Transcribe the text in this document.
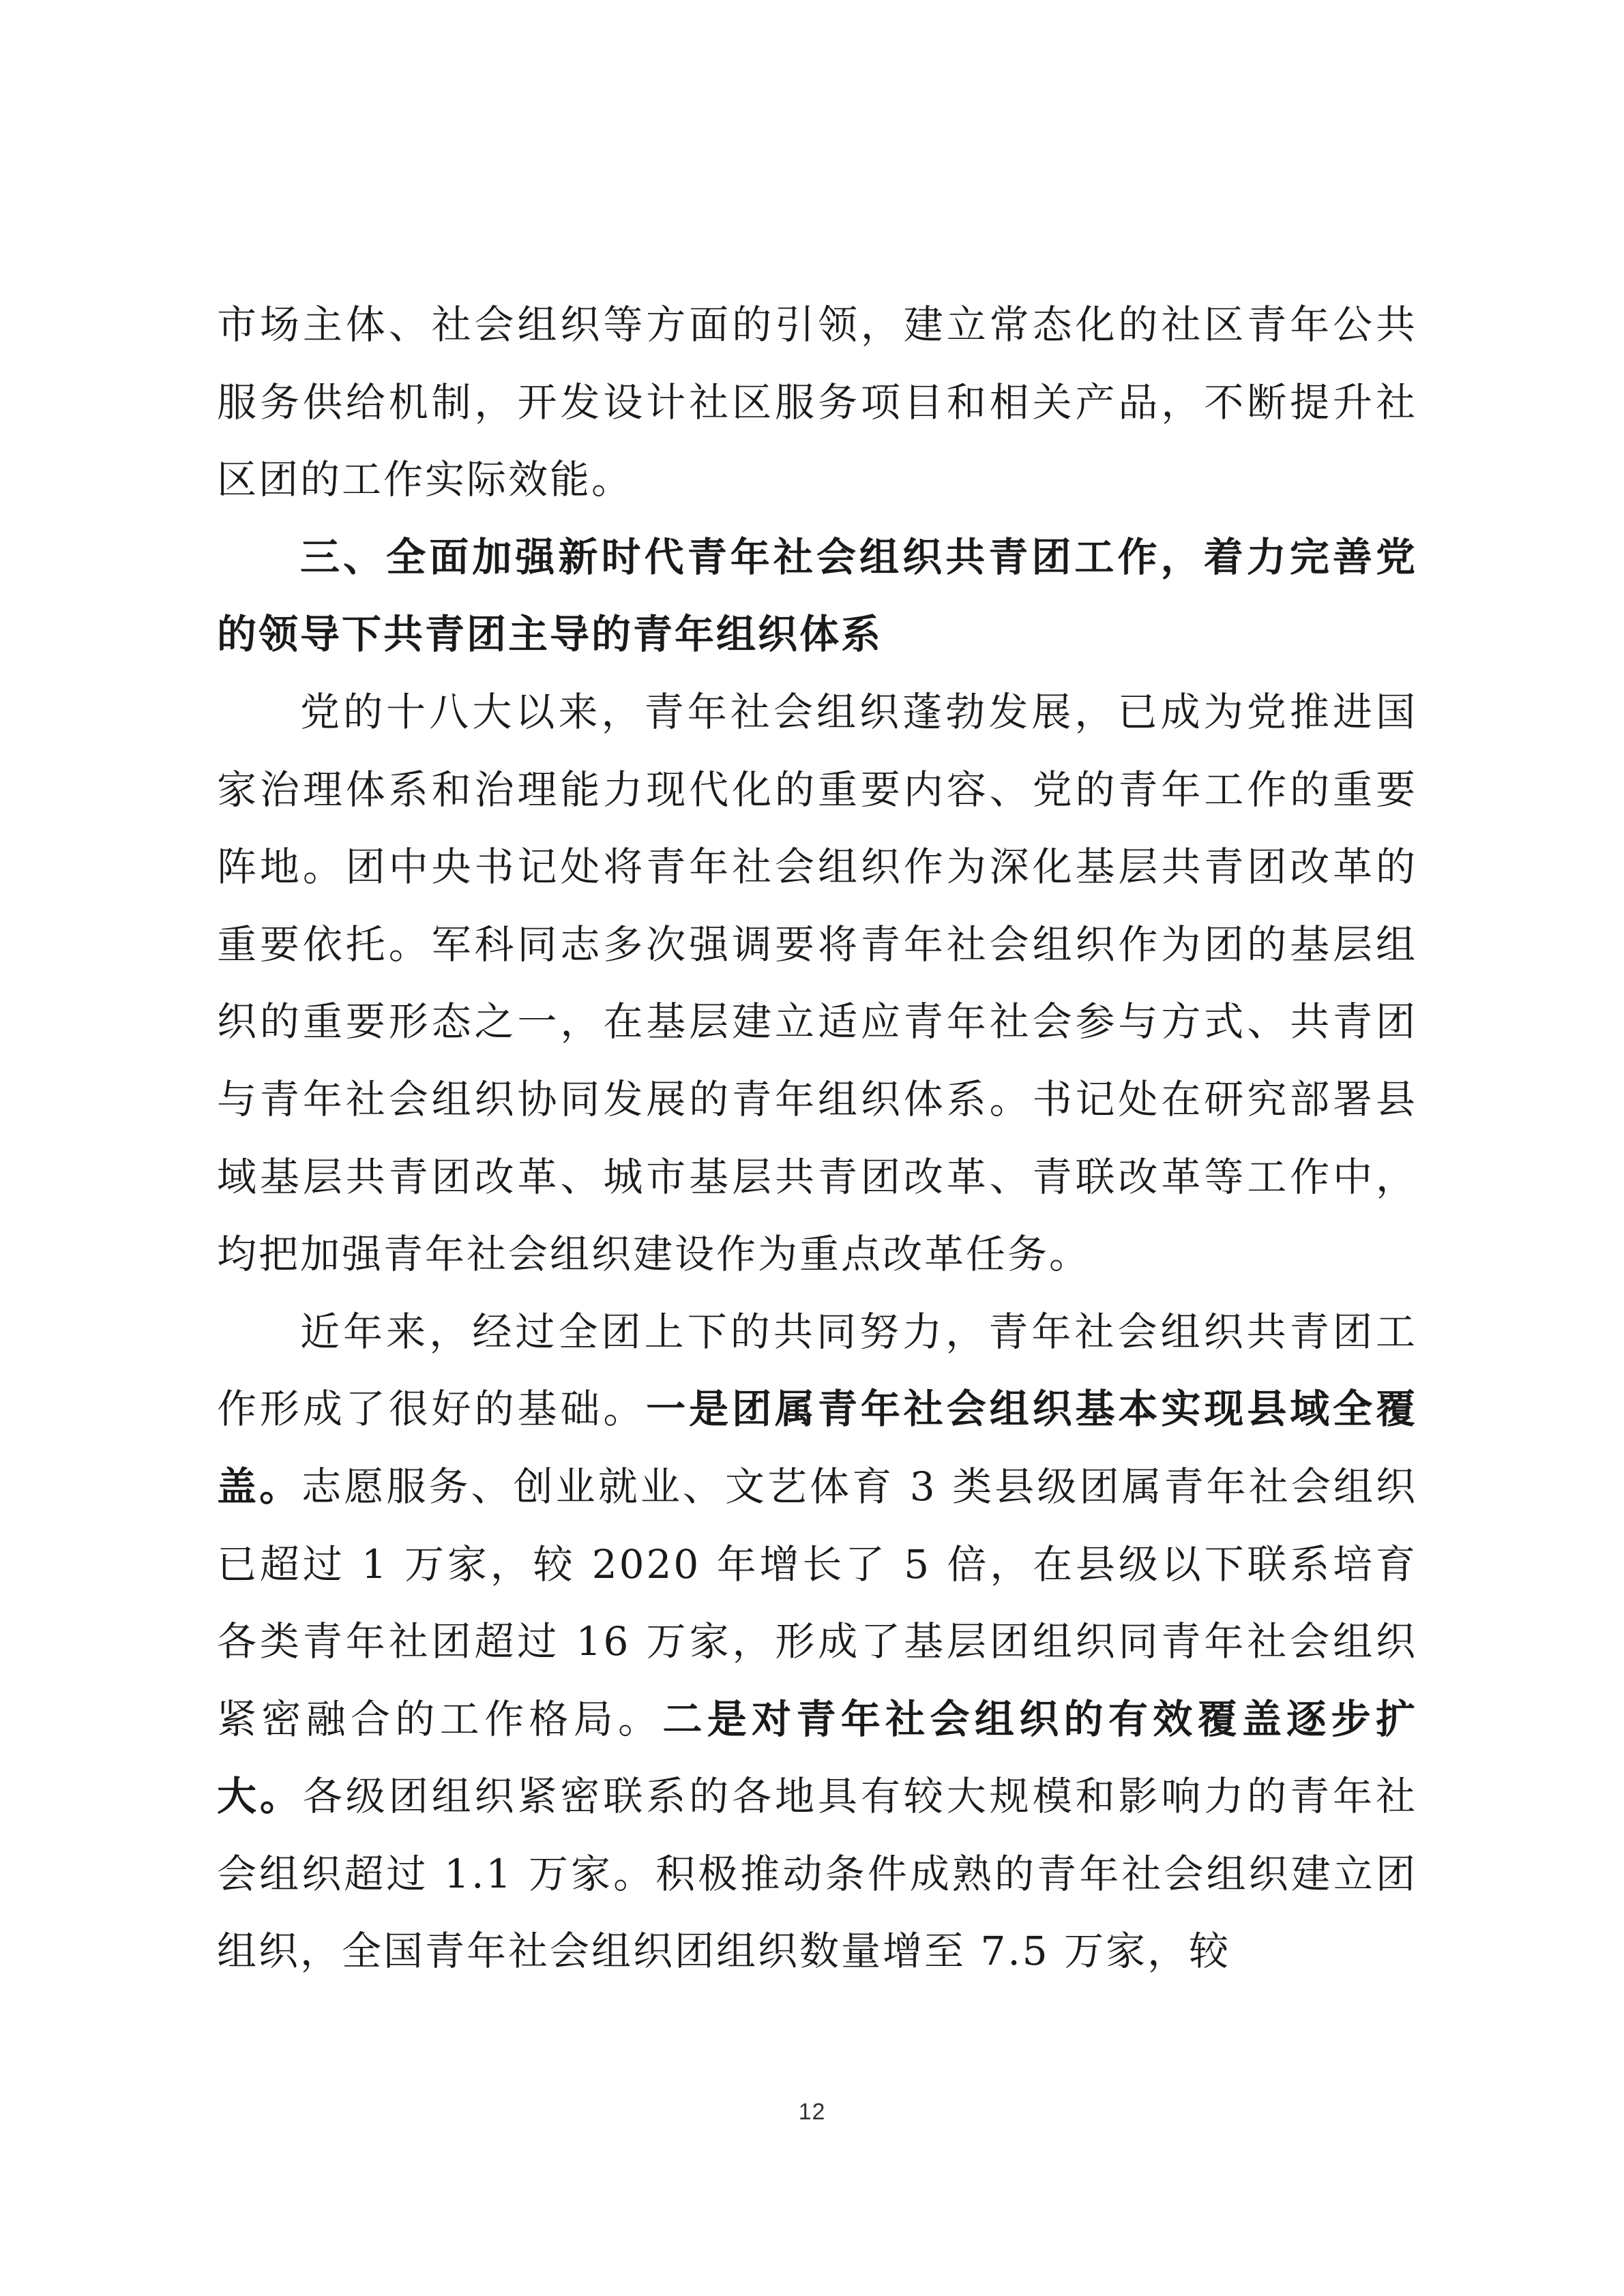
市场主体、社会组织等方面的引领，建立常态化的社区青年公共服务供给机制，开发设计社区服务项目和相关产品，不断提升社区团的工作实际效能。

三、全面加强新时代青年社会组织共青团工作，着力完善党的领导下共青团主导的青年组织体系

党的十八大以来，青年社会组织蓬勃发展，已成为党推进国家治理体系和治理能力现代化的重要内容、党的青年工作的重要阵地。团中央书记处将青年社会组织作为深化基层共青团改革的重要依托。军科同志多次强调要将青年社会组织作为团的基层组织的重要形态之一，在基层建立适应青年社会参与方式、共青团与青年社会组织协同发展的青年组织体系。书记处在研究部署县域基层共青团改革、城市基层共青团改革、青联改革等工作中，均把加强青年社会组织建设作为重点改革任务。

近年来，经过全团上下的共同努力，青年社会组织共青团工作形成了很好的基础。一是团属青年社会组织基本实现县域全覆盖。志愿服务、创业就业、文艺体育 3 类县级团属青年社会组织已超过 1 万家，较 2020 年增长了 5 倍，在县级以下联系培育各类青年社团超过 16 万家，形成了基层团组织同青年社会组织紧密融合的工作格局。二是对青年社会组织的有效覆盖逐步扩大。各级团组织紧密联系的各地具有较大规模和影响力的青年社会组织超过 1.1 万家。积极推动条件成熟的青年社会组织建立团组织，全国青年社会组织团组织数量增至 7.5 万家，较

12
